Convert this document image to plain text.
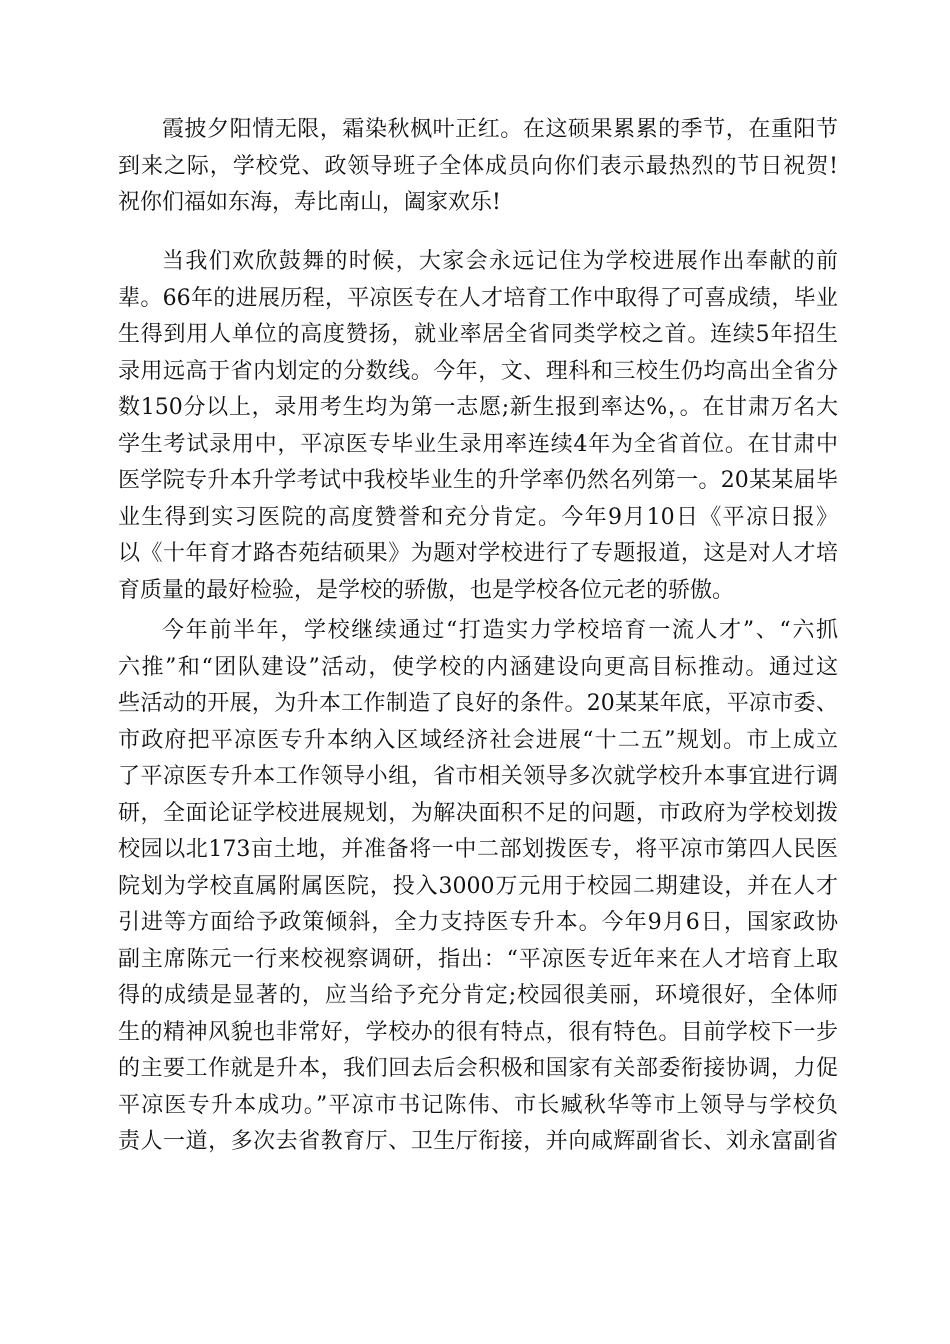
霞披夕阳情无限，霜染秋枫叶正红。在这硕果累累的季节，在重阳节
到来之际，学校党、政领导班子全体成员向你们表示最热烈的节日祝贺!
祝你们福如东海，寿比南山，阖家欢乐!
当我们欢欣鼓舞的时候，大家会永远记住为学校进展作出奉献的前
辈。66年的进展历程，平凉医专在人才培育工作中取得了可喜成绩，毕业
生得到用人单位的高度赞扬，就业率居全省同类学校之首。连续5年招生
录用远高于省内划定的分数线。今年，文、理科和三校生仍均高出全省分
数150分以上，录用考生均为第一志愿;新生报到率达%，。在甘肃万名大
学生考试录用中，平凉医专毕业生录用率连续4年为全省首位。在甘肃中
医学院专升本升学考试中我校毕业生的升学率仍然名列第一。20某某届毕
业生得到实习医院的高度赞誉和充分肯定。今年9月10日《平凉日报》
以《十年育才路杏苑结硕果》为题对学校进行了专题报道，这是对人才培
育质量的最好检验，是学校的骄傲，也是学校各位元老的骄傲。
今年前半年，学校继续通过“打造实力学校培育一流人才”、“六抓
六推”和“团队建设”活动，使学校的内涵建设向更高目标推动。通过这
些活动的开展，为升本工作制造了良好的条件。20某某年底，平凉市委、
市政府把平凉医专升本纳入区域经济社会进展“十二五”规划。市上成立
了平凉医专升本工作领导小组，省市相关领导多次就学校升本事宜进行调
研，全面论证学校进展规划，为解决面积不足的问题，市政府为学校划拨
校园以北173亩土地，并准备将一中二部划拨医专，将平凉市第四人民医
院划为学校直属附属医院，投入3000万元用于校园二期建设，并在人才
引进等方面给予政策倾斜，全力支持医专升本。今年9月6日，国家政协
副主席陈元一行来校视察调研，指出：“平凉医专近年来在人才培育上取
得的成绩是显著的，应当给予充分肯定;校园很美丽，环境很好，全体师
生的精神风貌也非常好，学校办的很有特点，很有特色。目前学校下一步
的主要工作就是升本，我们回去后会积极和国家有关部委衔接协调，力促
平凉医专升本成功。”平凉市书记陈伟、市长臧秋华等市上领导与学校负
责人一道，多次去省教育厅、卫生厅衔接，并向咸辉副省长、刘永富副省
